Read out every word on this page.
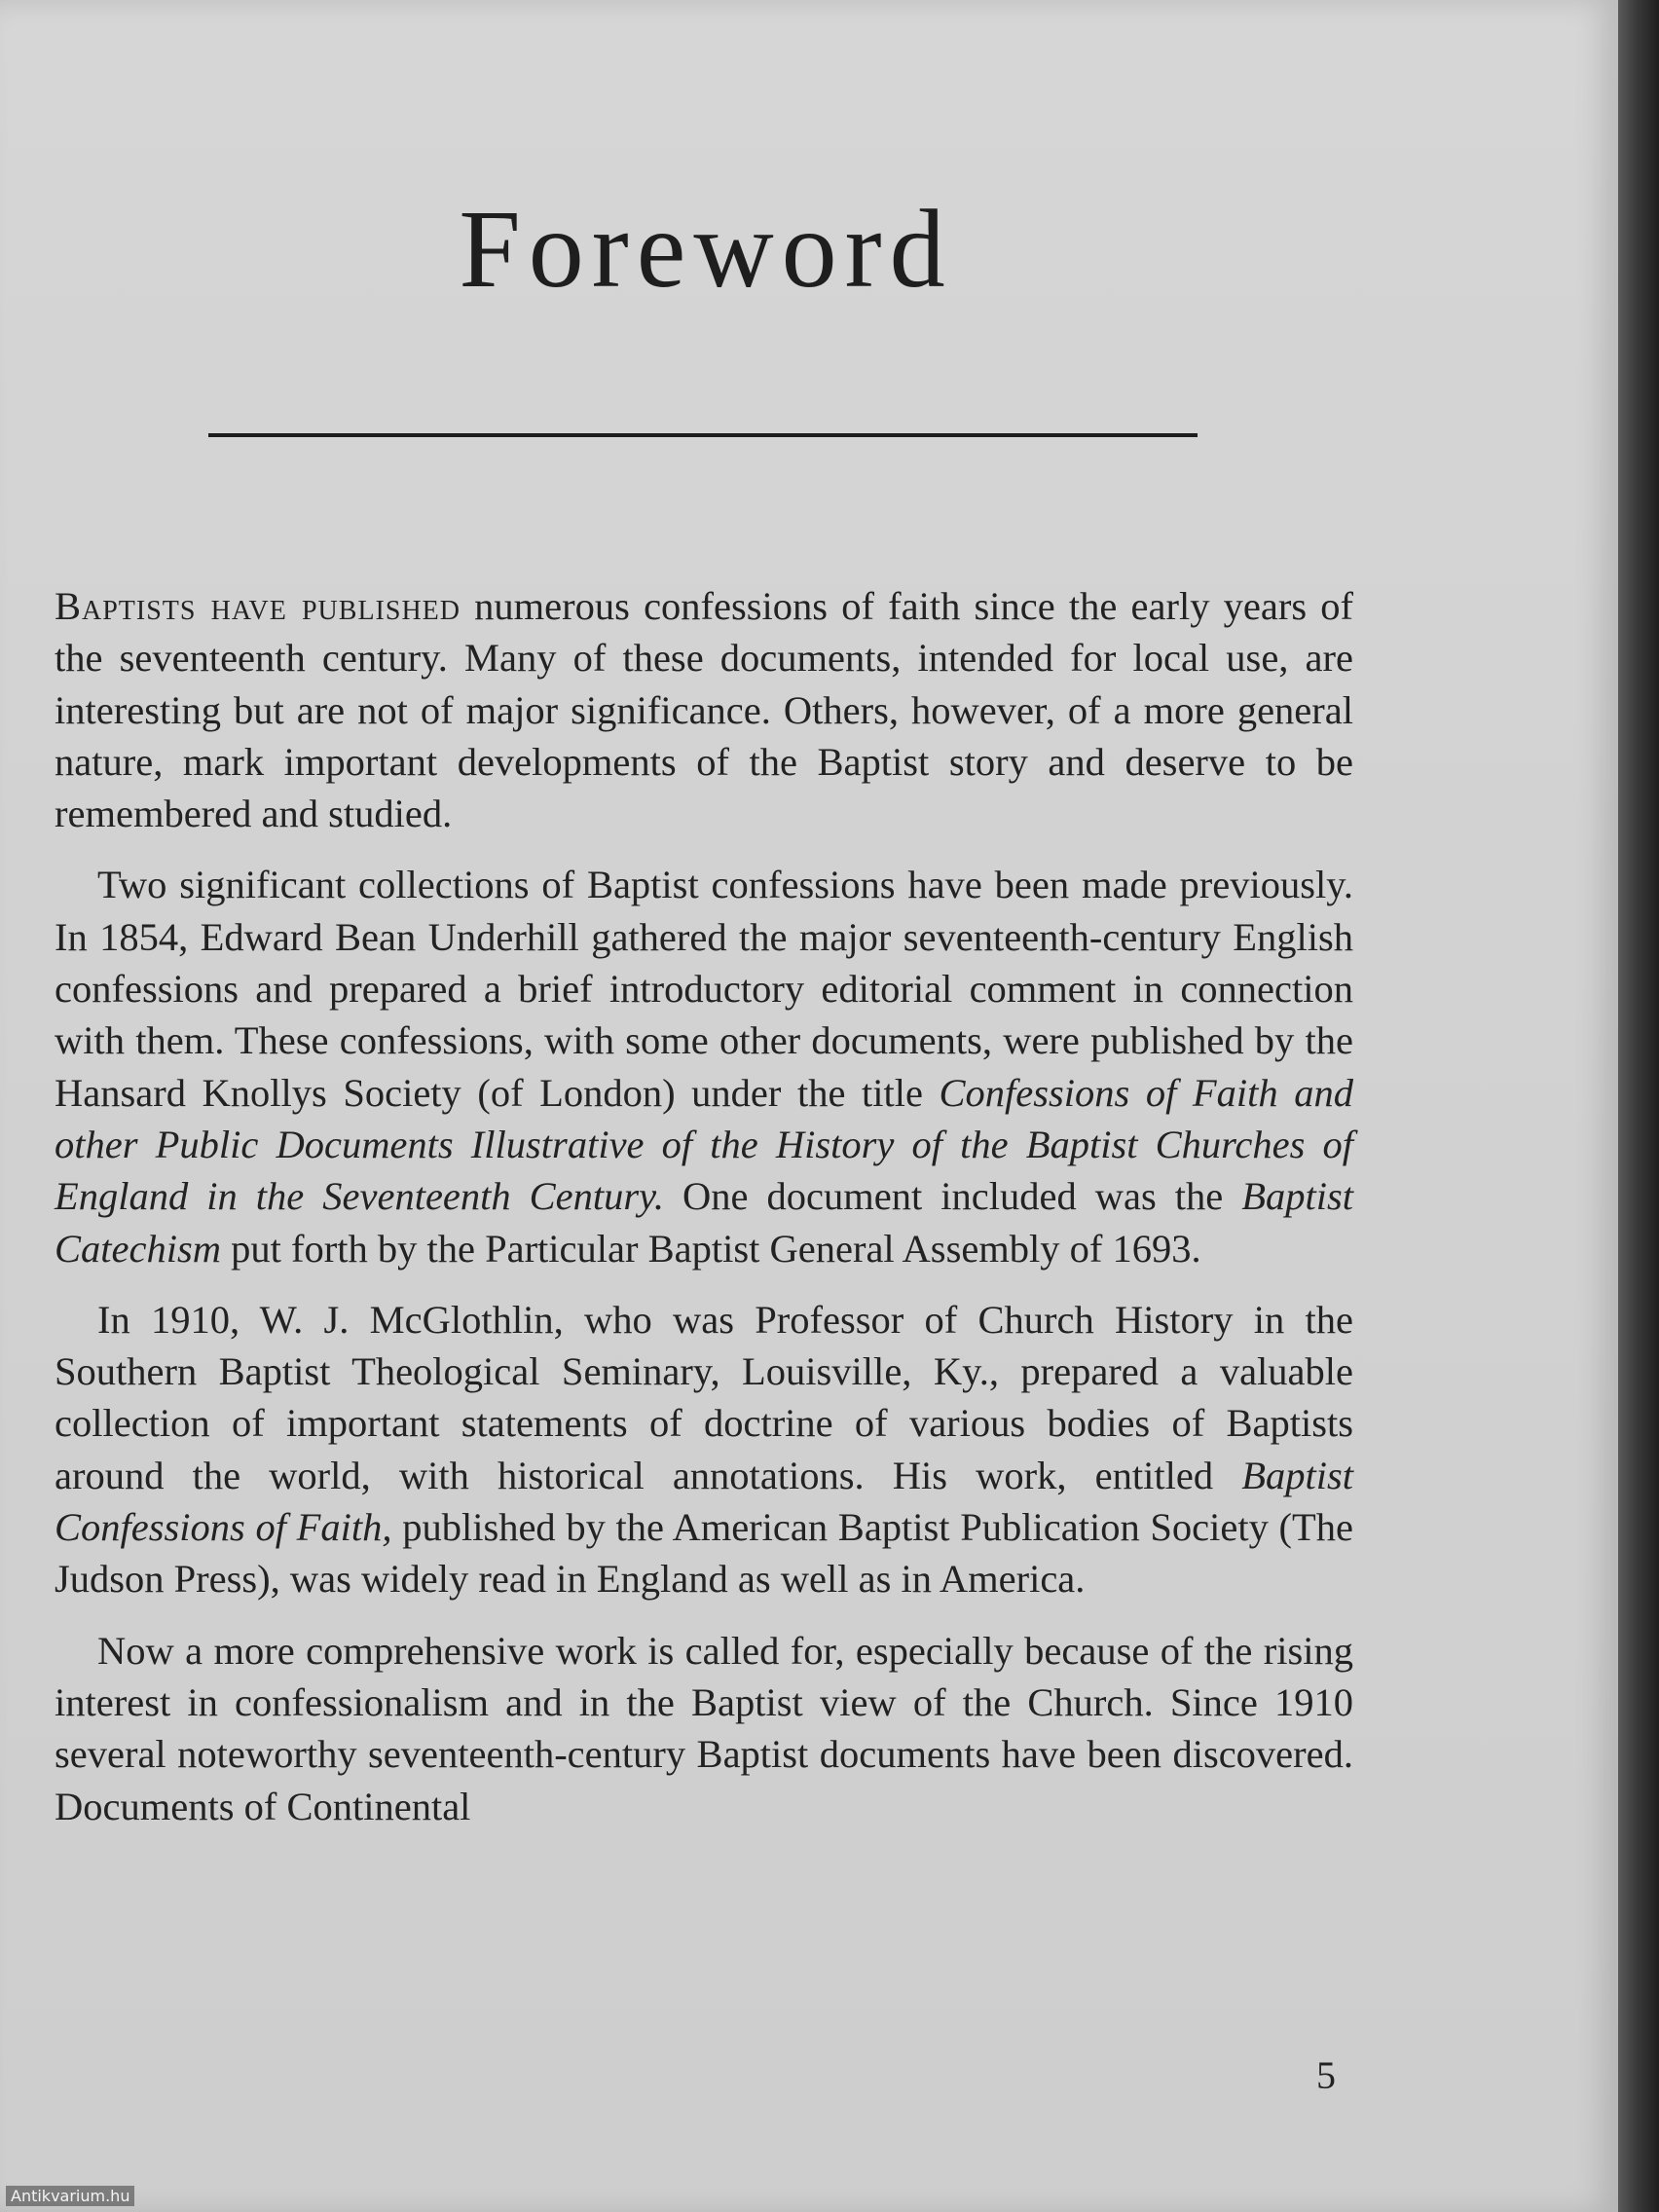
Foreword

Baptists have published numerous confessions of faith since the early years of the seventeenth century. Many of these documents, intended for local use, are interesting but are not of major significance. Others, however, of a more general nature, mark important developments of the Baptist story and deserve to be remembered and studied.

Two significant collections of Baptist confessions have been made previously. In 1854, Edward Bean Underhill gathered the major seventeenth-century English confessions and prepared a brief introductory editorial comment in connection with them. These confessions, with some other documents, were published by the Hansard Knollys Society (of London) under the title Confessions of Faith and other Public Documents Illustrative of the History of the Baptist Churches of England in the Seventeenth Century. One document included was the Baptist Catechism put forth by the Particular Baptist General Assembly of 1693.

In 1910, W. J. McGlothlin, who was Professor of Church History in the Southern Baptist Theological Seminary, Louisville, Ky., prepared a valuable collection of important statements of doctrine of various bodies of Baptists around the world, with historical annotations. His work, entitled Baptist Confessions of Faith, published by the American Baptist Publication Society (The Judson Press), was widely read in England as well as in America.

Now a more comprehensive work is called for, especially because of the rising interest in confessionalism and in the Baptist view of the Church. Since 1910 several noteworthy seventeenth-century Baptist documents have been discovered. Documents of Continental

5
Antikvarium.hu
